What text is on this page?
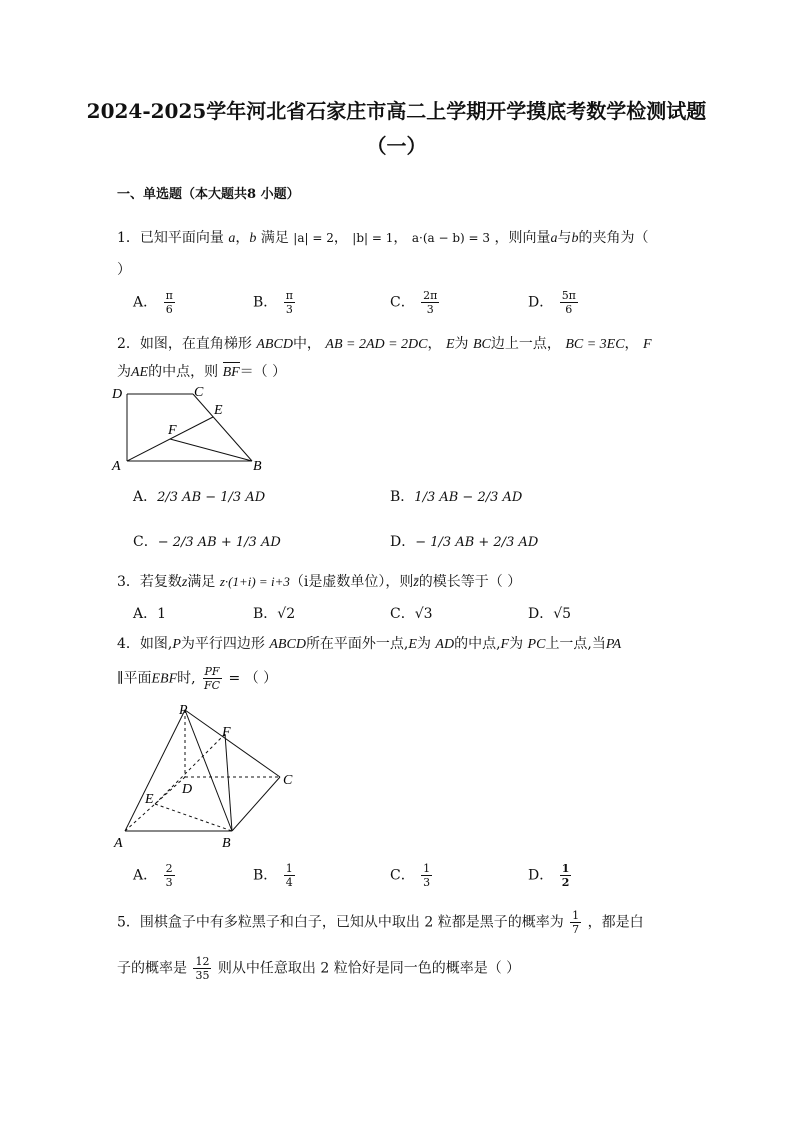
2024-2025学年河北省石家庄市高二上学期开学摸底考数学检测试题
（一）
一、单选题（本大题共8 小题）
1．已知平面向量 a，b 满足 |a| = 2， |b| = 1， a·(a − b) = 3 ，则向量a与b的夹角为（
）
A． $\frac{\pi}{6}$	B． $\frac{\pi}{3}$	C． $\frac{2\pi}{3}$	D． $\frac{5\pi}{6}$
2．如图，在直角梯形 ABCD中， AB = 2AD = 2DC， E为 BC边上一点， BC = 3EC， F
为AE的中点，则 BF＝（ ）
D	C
E
F
A	B
A．2/3 AB − 1/3 AD	B．1/3 AB − 2/3 AD
C．− 2/3 AB + 1/3 AD	D．− 1/3 AB + 2/3 AD
3．若复数z满足 z·(1+i) = i+3（i是虚数单位），则z̄的模长等于（ ）
A．1	B．√2	C．√3	D．√5
4．如图,P为平行四边形 ABCD所在平面外一点,E为 AD的中点,F为 PC上一点,当PA
∥平面EBF时, $\frac{PF}{FC}$ = （ ）
P
F
C
D
E
A	B
A． $\frac{2}{3}$	B． $\frac{1}{4}$	C． $\frac{1}{3}$	D． $\frac{1}{2}$
5．围棋盒子中有多粒黑子和白子，已知从中取出 2 粒都是黑子的概率为 $\frac{1}{7}$ ，都是白
子的概率是 $\frac{12}{35}$ 则从中任意取出 2 粒恰好是同一色的概率是（ ）
